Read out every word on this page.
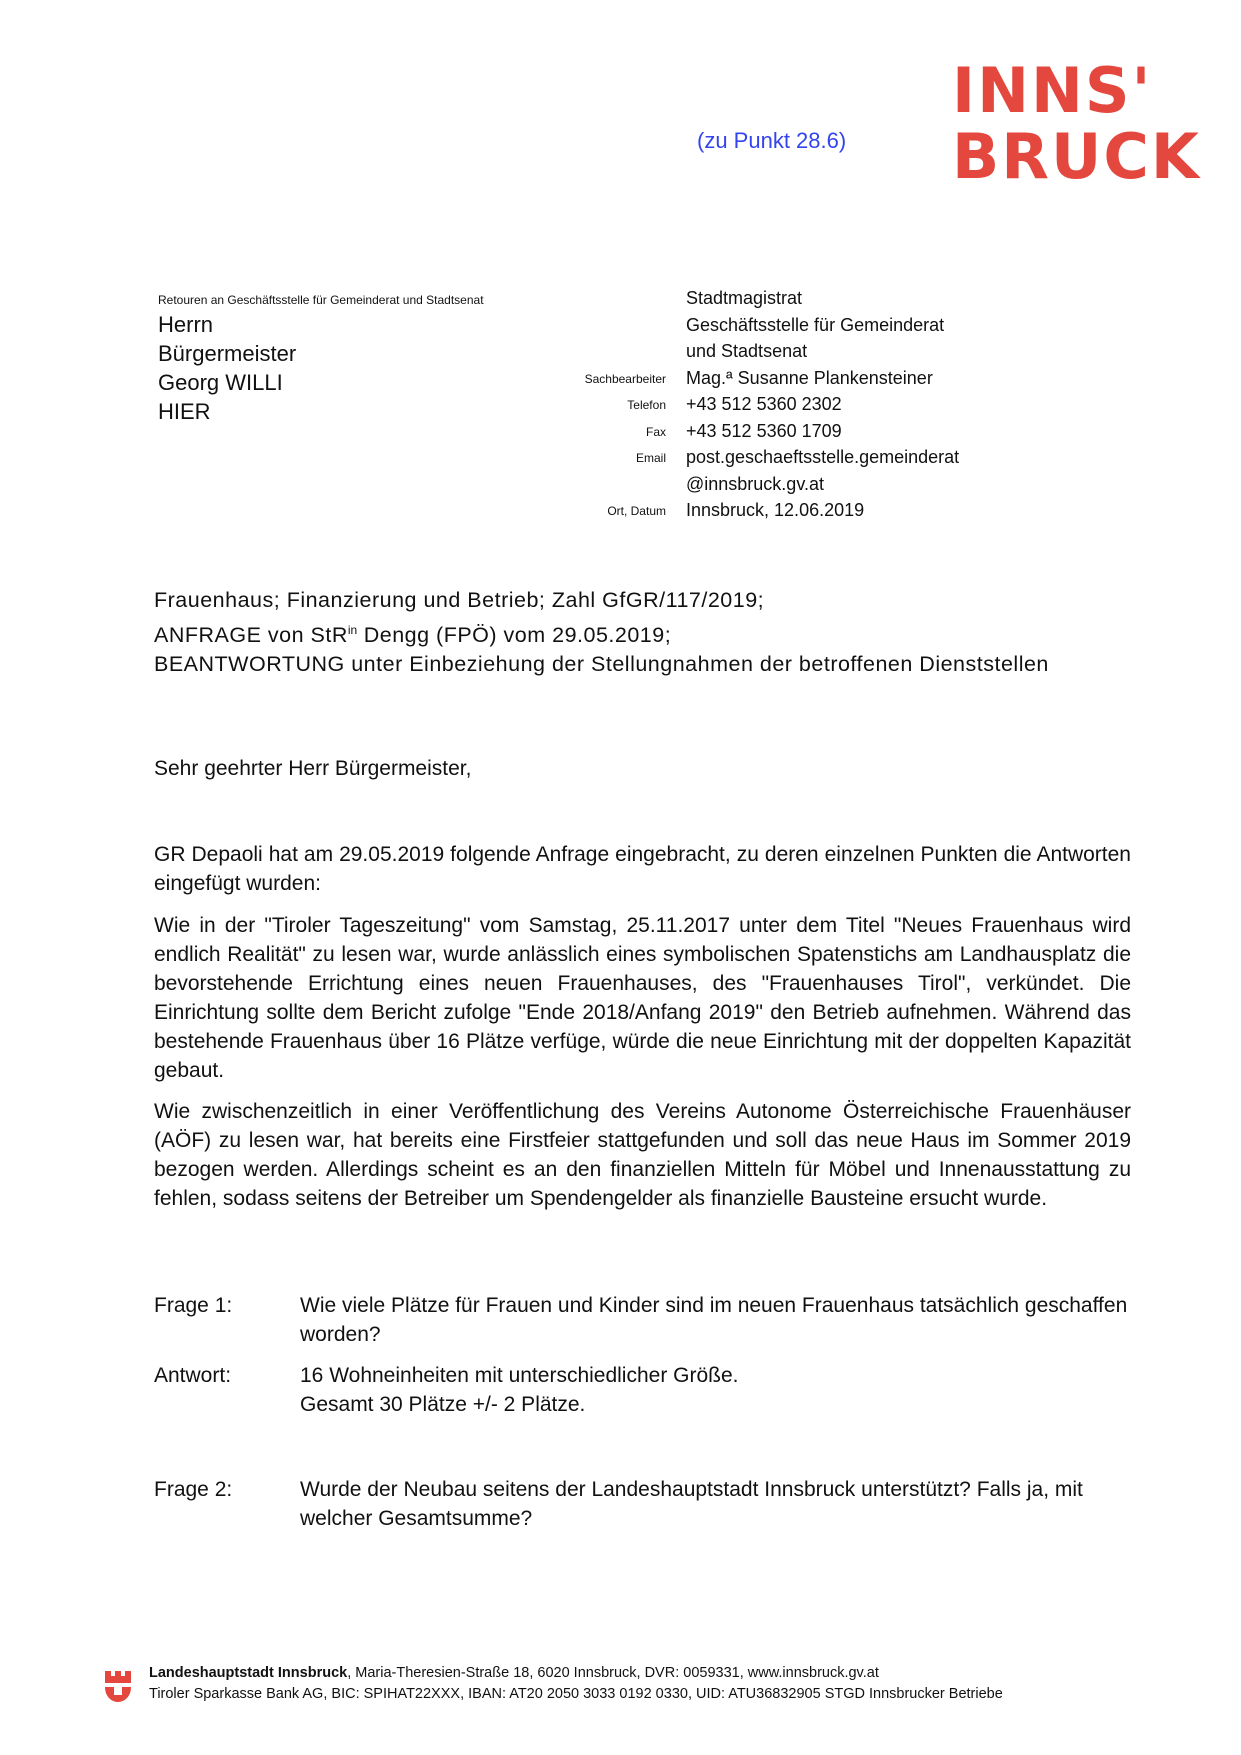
(zu Punkt 28.6)
INNS'
BRUCK
Retouren an Geschäftsstelle für Gemeinderat und Stadtsenat
Herrn
Bürgermeister
Georg WILLI
HIER
Stadtmagistrat
Geschäftsstelle für Gemeinderat
und Stadtsenat
Sachbearbeiter Mag.ª Susanne Plankensteiner
Telefon +43 512 5360 2302
Fax +43 512 5360 1709
Email post.geschaeftsstelle.gemeinderat
@innsbruck.gv.at
Ort, Datum Innsbruck, 12.06.2019
Frauenhaus; Finanzierung und Betrieb; Zahl GfGR/117/2019;
ANFRAGE von StR$^{in}$ Dengg (FPÖ) vom 29.05.2019;
BEANTWORTUNG unter Einbeziehung der Stellungnahmen der betroffenen Dienststellen
Sehr geehrter Herr Bürgermeister,
GR Depaoli hat am 29.05.2019 folgende Anfrage eingebracht, zu deren einzelnen Punkten die Antworten eingefügt wurden:
Wie in der "Tiroler Tageszeitung" vom Samstag, 25.11.2017 unter dem Titel "Neues Frauenhaus wird endlich Realität" zu lesen war, wurde anlässlich eines symbolischen Spatenstichs am Landhausplatz die bevorstehende Errichtung eines neuen Frauenhauses, des "Frauenhauses Tirol", verkündet. Die Einrichtung sollte dem Bericht zufolge "Ende 2018/Anfang 2019" den Betrieb aufnehmen. Während das bestehende Frauenhaus über 16 Plätze verfüge, würde die neue Einrichtung mit der doppelten Kapazität gebaut.
Wie zwischenzeitlich in einer Veröffentlichung des Vereins Autonome Österreichische Frauenhäuser (AÖF) zu lesen war, hat bereits eine Firstfeier stattgefunden und soll das neue Haus im Sommer 2019 bezogen werden. Allerdings scheint es an den finanziellen Mitteln für Möbel und Innenausstattung zu fehlen, sodass seitens der Betreiber um Spendengelder als finanzielle Bausteine ersucht wurde.
Frage 1:	Wie viele Plätze für Frauen und Kinder sind im neuen Frauenhaus tatsächlich geschaffen worden?
Antwort:	16 Wohneinheiten mit unterschiedlicher Größe.
Gesamt 30 Plätze +/- 2 Plätze.
Frage 2:	Wurde der Neubau seitens der Landeshauptstadt Innsbruck unterstützt? Falls ja, mit welcher Gesamtsumme?
Landeshauptstadt Innsbruck, Maria-Theresien-Straße 18, 6020 Innsbruck, DVR: 0059331, www.innsbruck.gv.at
Tiroler Sparkasse Bank AG, BIC: SPIHAT22XXX, IBAN: AT20 2050 3033 0192 0330, UID: ATU36832905 STGD Innsbrucker Betriebe
